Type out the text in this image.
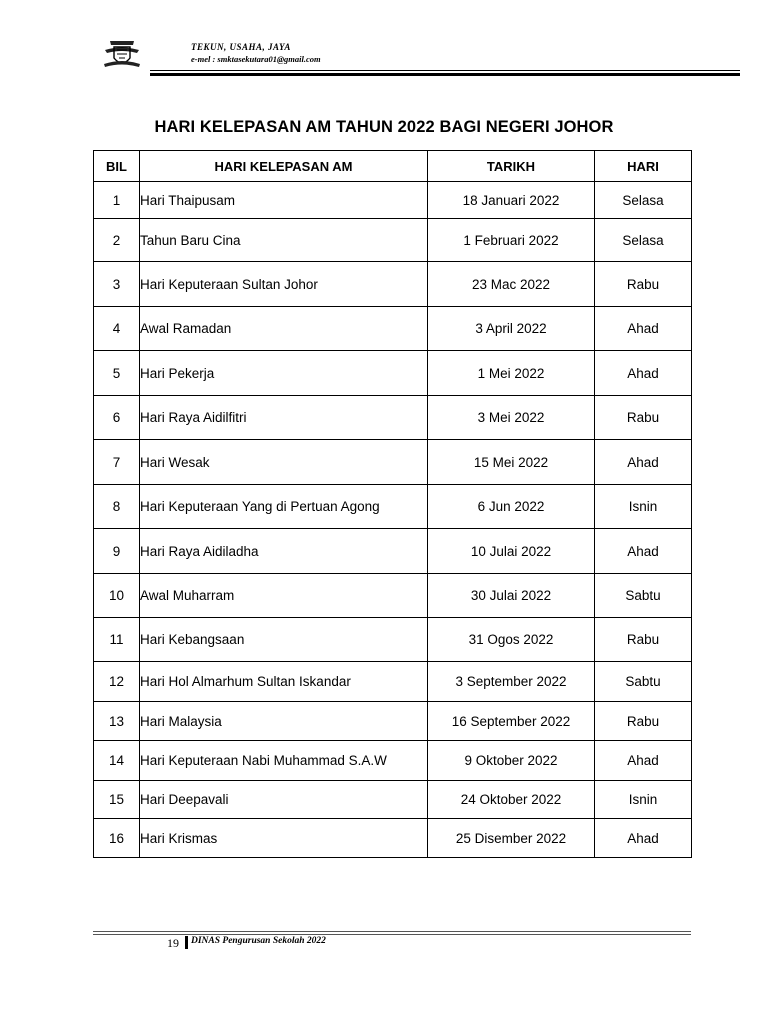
TEKUN, USAHA, JAYA
e-mel : smktasekutara01@gmail.com
HARI KELEPASAN AM TAHUN 2022 BAGI NEGERI JOHOR
BIL	HARI KELEPASAN AM	TARIKH	HARI
1	Hari Thaipusam	18 Januari 2022	Selasa
2	Tahun Baru Cina	1 Februari 2022	Selasa
3	Hari Keputeraan Sultan Johor	23 Mac 2022	Rabu
4	Awal Ramadan	3 April 2022	Ahad
5	Hari Pekerja	1 Mei 2022	Ahad
6	Hari Raya Aidilfitri	3 Mei 2022	Rabu
7	Hari Wesak	15 Mei 2022	Ahad
8	Hari Keputeraan Yang di Pertuan Agong	6 Jun 2022	Isnin
9	Hari Raya Aidiladha	10 Julai 2022	Ahad
10	Awal Muharram	30 Julai 2022	Sabtu
11	Hari Kebangsaan	31 Ogos 2022	Rabu
12	Hari Hol Almarhum Sultan Iskandar	3 September 2022	Sabtu
13	Hari Malaysia	16 September 2022	Rabu
14	Hari Keputeraan Nabi Muhammad S.A.W	9 Oktober 2022	Ahad
15	Hari Deepavali	24 Oktober 2022	Isnin
16	Hari Krismas	25 Disember 2022	Ahad
19 DINAS Pengurusan Sekolah 2022
